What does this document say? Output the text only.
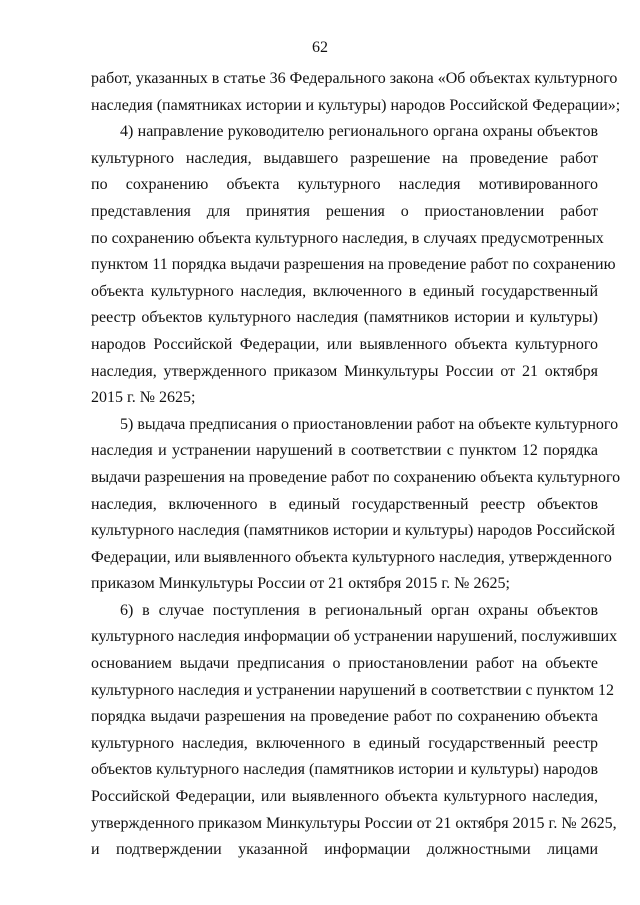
62
работ, указанных в статье 36 Федерального закона «Об объектах культурного
наследия (памятниках истории и культуры) народов Российской Федерации»;
4) направление руководителю регионального органа охраны объектов
культурного наследия, выдавшего разрешение на проведение работ
по сохранению объекта культурного наследия мотивированного
представления для принятия решения о приостановлении работ
по сохранению объекта культурного наследия, в случаях предусмотренных
пунктом 11 порядка выдачи разрешения на проведение работ по сохранению
объекта культурного наследия, включенного в единый государственный
реестр объектов культурного наследия (памятников истории и культуры)
народов Российской Федерации, или выявленного объекта культурного
наследия, утвержденного приказом Минкультуры России от 21 октября
2015 г. № 2625;
5) выдача предписания о приостановлении работ на объекте культурного
наследия и устранении нарушений в соответствии с пунктом 12 порядка
выдачи разрешения на проведение работ по сохранению объекта культурного
наследия, включенного в единый государственный реестр объектов
культурного наследия (памятников истории и культуры) народов Российской
Федерации, или выявленного объекта культурного наследия, утвержденного
приказом Минкультуры России от 21 октября 2015 г. № 2625;
6) в случае поступления в региональный орган охраны объектов
культурного наследия информации об устранении нарушений, послуживших
основанием выдачи предписания о приостановлении работ на объекте
культурного наследия и устранении нарушений в соответствии с пунктом 12
порядка выдачи разрешения на проведение работ по сохранению объекта
культурного наследия, включенного в единый государственный реестр
объектов культурного наследия (памятников истории и культуры) народов
Российской Федерации, или выявленного объекта культурного наследия,
утвержденного приказом Минкультуры России от 21 октября 2015 г. № 2625,
и подтверждении указанной информации должностными лицами
